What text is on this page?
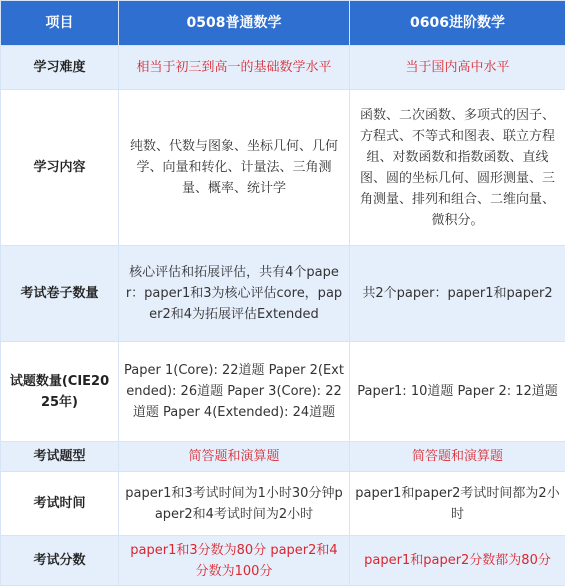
项目	0508普通数学	0606进阶数学
学习难度	相当于初三到高一的基础数学水平	当于国内高中水平
学习内容	纯数、代数与图象、坐标几何、几何学、向量和转化、计量法、三角测量、概率、统计学	函数、二次函数、多项式的因子、方程式、不等式和图表、联立方程组、对数函数和指数函数、直线图、圆的坐标几何、圆形测量、三角测量、排列和组合、二维向量、微积分。
考试卷子数量	核心评估和拓展评估，共有4个paper：paper1和3为核心评估core，paper2和4为拓展评估Extended	共2个paper：paper1和paper2
试题数量(CIE2025年)	Paper 1(Core): 22道题 Paper 2(Extended): 26道题 Paper 3(Core): 22道题 Paper 4(Extended): 24道题	Paper1: 10道题 Paper 2: 12道题
考试题型	简答题和演算题	简答题和演算题
考试时间	paper1和3考试时间为1小时30分钟paper2和4考试时间为2小时	paper1和paper2考试时间都为2小时
考试分数	paper1和3分数为80分 paper2和4分数为100分	paper1和paper2分数都为80分
